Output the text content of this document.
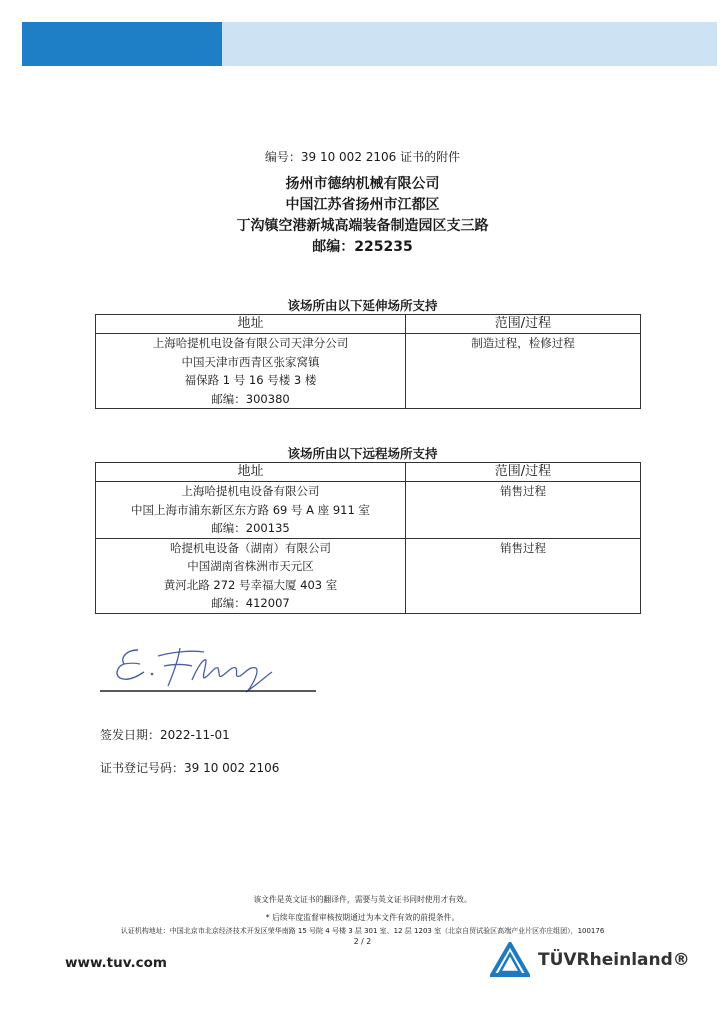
编号：39 10 002 2106 证书的附件
扬州市德纳机械有限公司
中国江苏省扬州市江都区
丁沟镇空港新城高端装备制造园区支三路
邮编：225235
该场所由以下延伸场所支持
地址	范围/过程

上海哈提机电设备有限公司天津分公司
中国天津市西青区张家窝镇
福保路 1 号 16 号楼 3 楼
邮编：300380	制造过程，检修过程
该场所由以下远程场所支持
地址	范围/过程

上海哈提机电设备有限公司
中国上海市浦东新区东方路 69 号 A 座 911 室
邮编：200135	销售过程

哈提机电设备（湖南）有限公司
中国湖南省株洲市天元区
黄河北路 272 号幸福大厦 403 室
邮编：412007	销售过程
签发日期：2022-11-01
证书登记号码：39 10 002 2106
该文件是英文证书的翻译件，需要与英文证书同时使用才有效。
* 后续年度监督审核按期通过为本文件有效的前提条件。
认证机构地址：中国北京市北京经济技术开发区荣华南路 15 号院 4 号楼 3 层 301 室、12 层 1203 室（北京自贸试验区高端产业片区亦庄组团），100176
2 / 2
www.tuv.com	TÜVRheinland®
